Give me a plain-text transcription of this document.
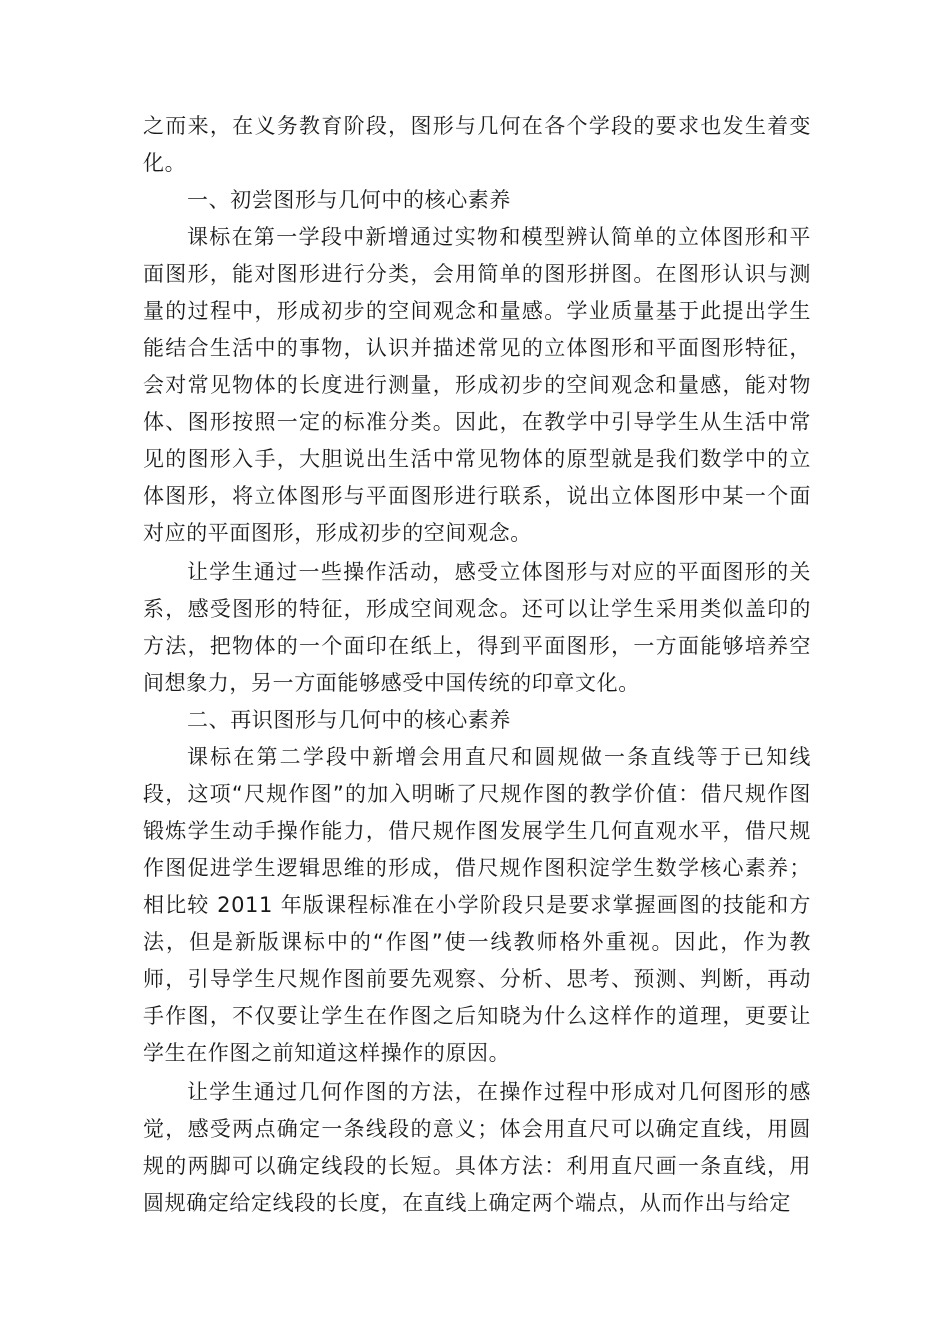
之而来，在义务教育阶段，图形与几何在各个学段的要求也发生着变化。

一、初尝图形与几何中的核心素养

课标在第一学段中新增通过实物和模型辨认简单的立体图形和平面图形，能对图形进行分类，会用简单的图形拼图。在图形认识与测量的过程中，形成初步的空间观念和量感。学业质量基于此提出学生能结合生活中的事物，认识并描述常见的立体图形和平面图形特征，会对常见物体的长度进行测量，形成初步的空间观念和量感，能对物体、图形按照一定的标准分类。因此，在教学中引导学生从生活中常见的图形入手，大胆说出生活中常见物体的原型就是我们数学中的立体图形，将立体图形与平面图形进行联系，说出立体图形中某一个面对应的平面图形，形成初步的空间观念。

让学生通过一些操作活动，感受立体图形与对应的平面图形的关系，感受图形的特征，形成空间观念。还可以让学生采用类似盖印的方法，把物体的一个面印在纸上，得到平面图形，一方面能够培养空间想象力，另一方面能够感受中国传统的印章文化。

二、再识图形与几何中的核心素养

课标在第二学段中新增会用直尺和圆规做一条直线等于已知线段，这项“尺规作图”的加入明晰了尺规作图的教学价值：借尺规作图锻炼学生动手操作能力，借尺规作图发展学生几何直观水平，借尺规作图促进学生逻辑思维的形成，借尺规作图积淀学生数学核心素养；相比较 2011 年版课程标准在小学阶段只是要求掌握画图的技能和方法，但是新版课标中的“作图”使一线教师格外重视。因此，作为教师，引导学生尺规作图前要先观察、分析、思考、预测、判断，再动手作图，不仅要让学生在作图之后知晓为什么这样作的道理，更要让学生在作图之前知道这样操作的原因。

让学生通过几何作图的方法，在操作过程中形成对几何图形的感觉，感受两点确定一条线段的意义；体会用直尺可以确定直线，用圆规的两脚可以确定线段的长短。具体方法：利用直尺画一条直线，用圆规确定给定线段的长度，在直线上确定两个端点，从而作出与给定
